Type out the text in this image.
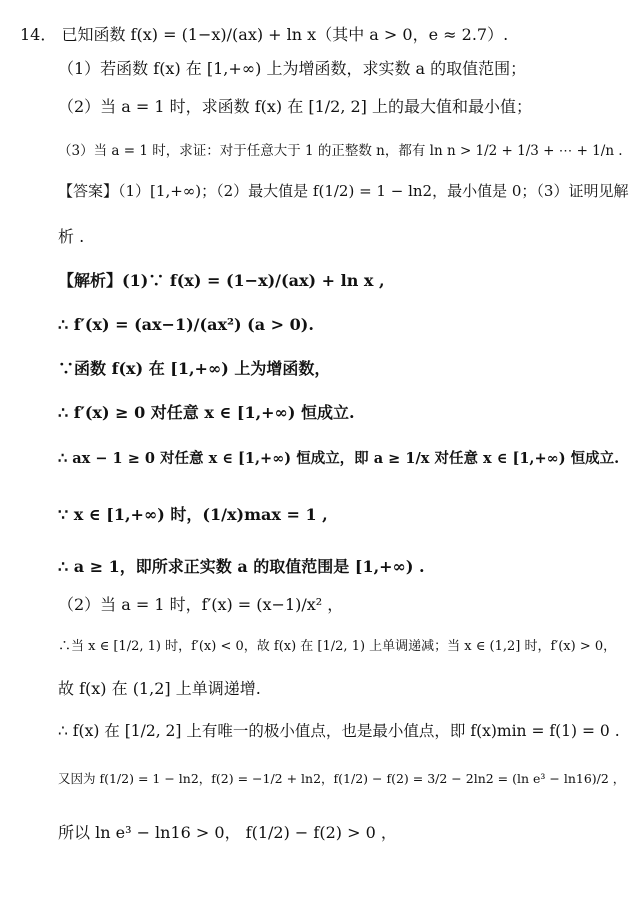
14． 已知函数 f(x) = (1−x)/(ax) + ln x（其中 a > 0，e ≈ 2.7）.
（1）若函数 f(x) 在 [1,+∞) 上为增函数，求实数 a 的取值范围；
（2）当 a = 1 时，求函数 f(x) 在 [1/2, 2] 上的最大值和最小值；
（3）当 a = 1 时，求证：对于任意大于 1 的正整数 n，都有 ln n > 1/2 + 1/3 + ⋯ + 1/n .
【答案】（1）[1,+∞)；（2）最大值是 f(1/2) = 1 − ln2，最小值是 0；（3）证明见解
析 .
【解析】(1)∵ f(x) = (1−x)/(ax) + ln x ,
∴ f′(x) = (ax−1)/(ax²) (a > 0).
∵函数 f(x) 在 [1,+∞) 上为增函数，
∴ f′(x) ≥ 0 对任意 x ∈ [1,+∞) 恒成立.
∴ ax − 1 ≥ 0 对任意 x ∈ [1,+∞) 恒成立，即 a ≥ 1/x 对任意 x ∈ [1,+∞) 恒成立.
∵ x ∈ [1,+∞) 时，(1/x)max = 1 ,
∴ a ≥ 1，即所求正实数 a 的取值范围是 [1,+∞) .
（2）当 a = 1 时，f′(x) = (x−1)/x² ，
∴当 x ∈ [1/2, 1) 时，f′(x) < 0，故 f(x) 在 [1/2, 1) 上单调递减；当 x ∈ (1,2] 时，f′(x) > 0，
故 f(x) 在 (1,2] 上单调递增.
∴ f(x) 在 [1/2, 2] 上有唯一的极小值点，也是最小值点，即 f(x)min = f(1) = 0 .
又因为 f(1/2) = 1 − ln2，f(2) = −1/2 + ln2，f(1/2) − f(2) = 3/2 − 2ln2 = (ln e³ − ln16)/2 ，
所以 ln e³ − ln16 > 0， f(1/2) − f(2) > 0 ，
